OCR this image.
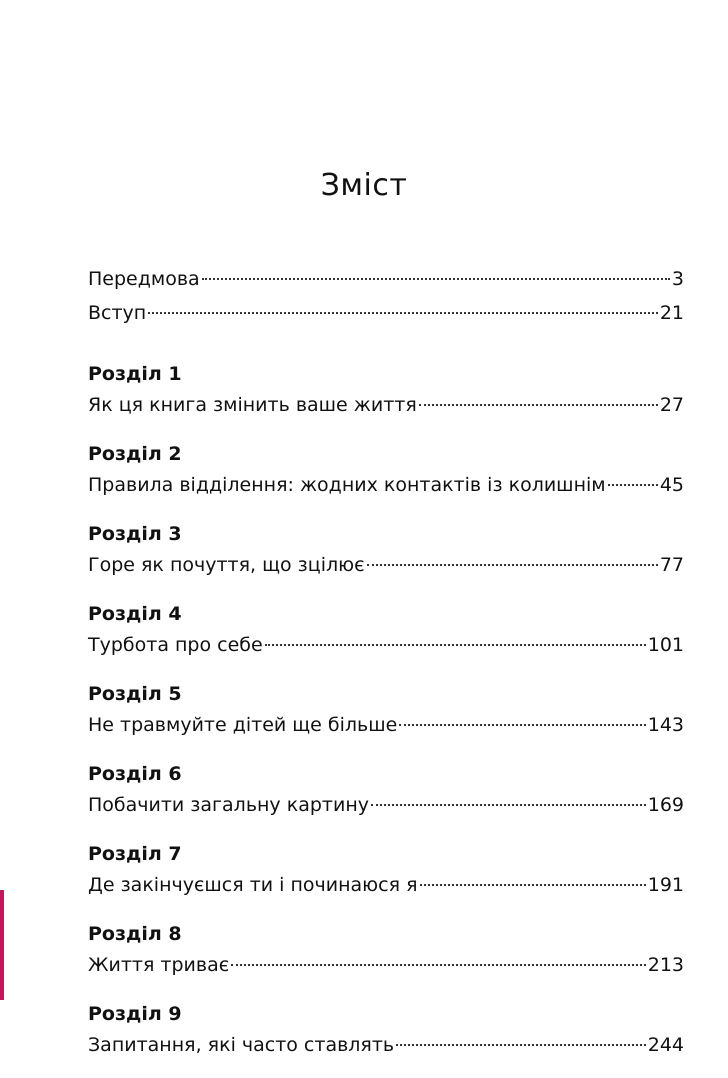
Зміст
Передмова	3
Вступ	21
Розділ 1
Як ця книга змінить ваше життя	27
Розділ 2
Правила відділення: жодних контактів із колишнім	45
Розділ 3
Горе як почуття, що зцілює	77
Розділ 4
Турбота про себе	101
Розділ 5
Не травмуйте дітей ще більше	143
Розділ 6
Побачити загальну картину	169
Розділ 7
Де закінчуєшся ти і починаюся я	191
Розділ 8
Життя триває	213
Розділ 9
Запитання, які часто ставлять	244
